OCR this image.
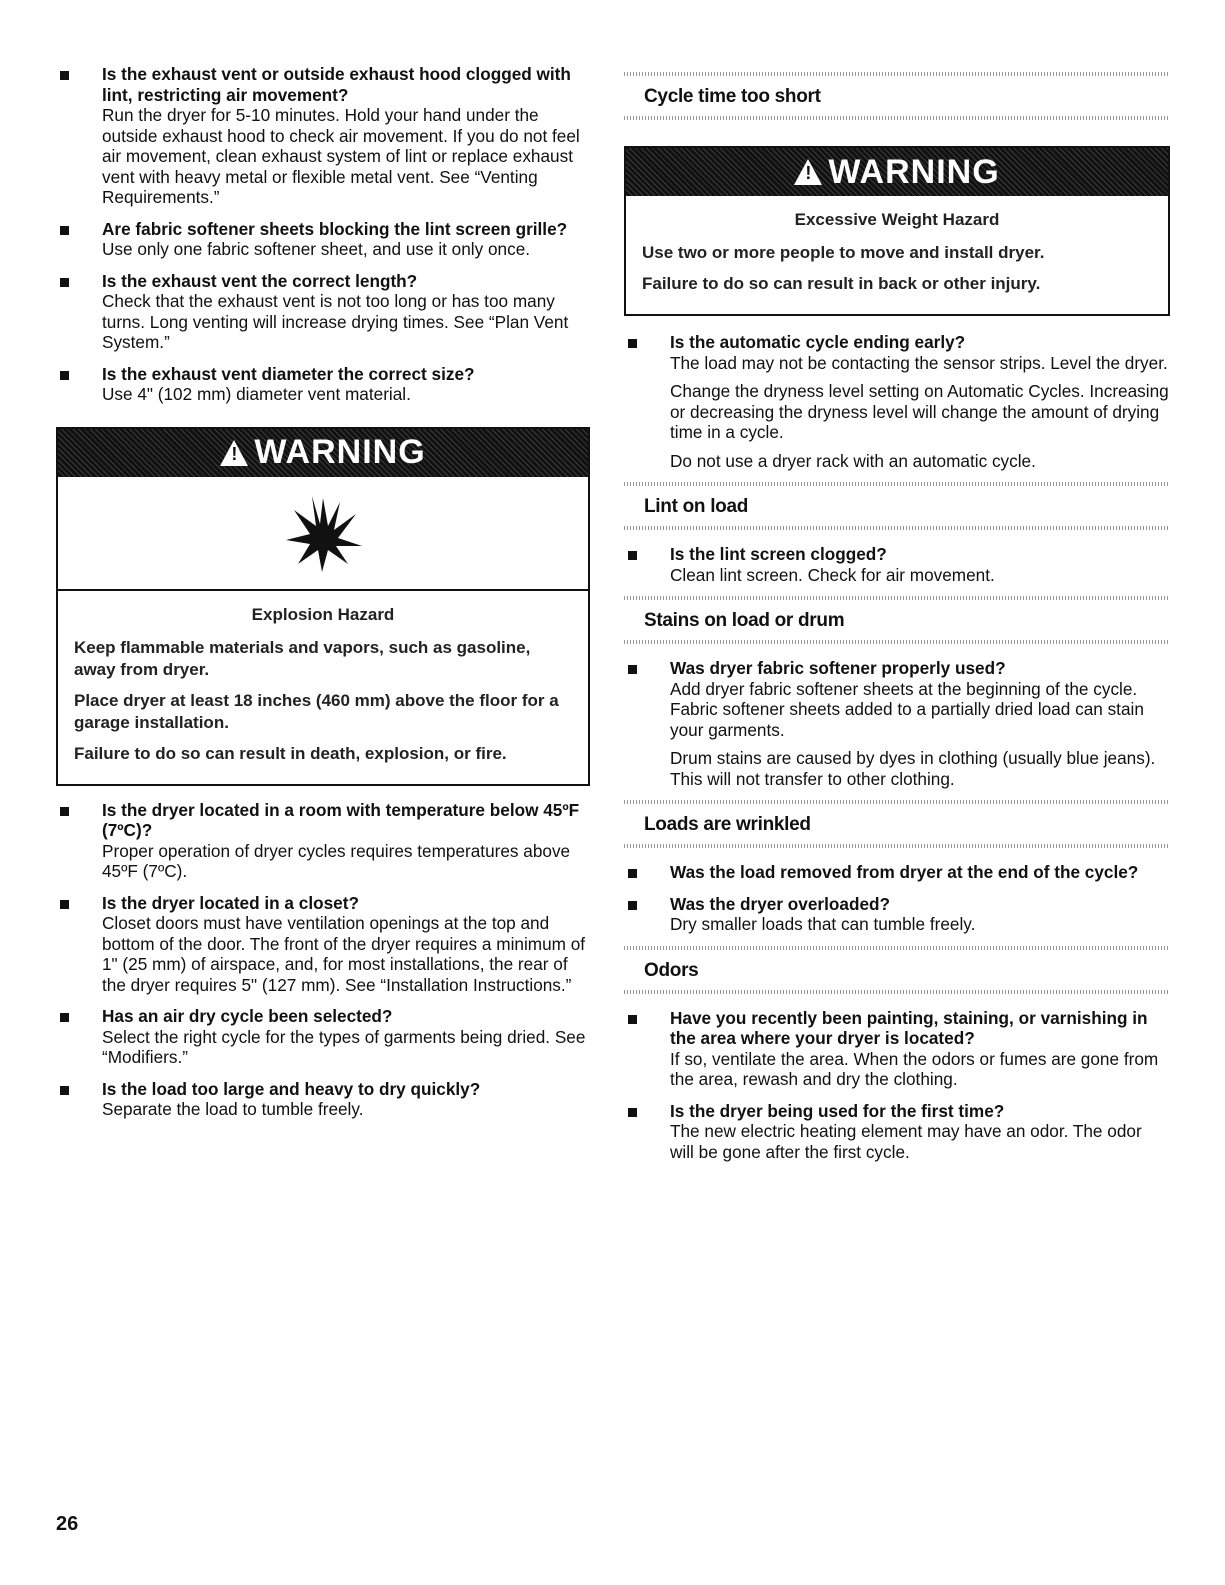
Is the exhaust vent or outside exhaust hood clogged with lint, restricting air movement?
Run the dryer for 5-10 minutes. Hold your hand under the outside exhaust hood to check air movement. If you do not feel air movement, clean exhaust system of lint or replace exhaust vent with heavy metal or flexible metal vent. See “Venting Requirements.”
Are fabric softener sheets blocking the lint screen grille?
Use only one fabric softener sheet, and use it only once.
Is the exhaust vent the correct length?
Check that the exhaust vent is not too long or has too many turns. Long venting will increase drying times. See “Plan Vent System.”
Is the exhaust vent diameter the correct size?
Use 4" (102 mm) diameter vent material.
!
WARNING
Explosion Hazard
Keep flammable materials and vapors, such as gasoline, away from dryer.
Place dryer at least 18 inches (460 mm) above the floor for a garage installation.
Failure to do so can result in death, explosion, or fire.
Is the dryer located in a room with temperature below 45ºF (7ºC)?
Proper operation of dryer cycles requires temperatures above 45ºF (7ºC).
Is the dryer located in a closet?
Closet doors must have ventilation openings at the top and bottom of the door. The front of the dryer requires a minimum of 1" (25 mm) of airspace, and, for most installations, the rear of the dryer requires 5" (127 mm). See “Installation Instructions.”
Has an air dry cycle been selected?
Select the right cycle for the types of garments being dried. See “Modifiers.”
Is the load too large and heavy to dry quickly?
Separate the load to tumble freely.
Cycle time too short
!
WARNING
Excessive Weight Hazard
Use two or more people to move and install dryer.
Failure to do so can result in back or other injury.
Is the automatic cycle ending early?
The load may not be contacting the sensor strips. Level the dryer.
Change the dryness level setting on Automatic Cycles. Increasing or decreasing the dryness level will change the amount of drying time in a cycle.
Do not use a dryer rack with an automatic cycle.
Lint on load
Is the lint screen clogged?
Clean lint screen. Check for air movement.
Stains on load or drum
Was dryer fabric softener properly used?
Add dryer fabric softener sheets at the beginning of the cycle. Fabric softener sheets added to a partially dried load can stain your garments.
Drum stains are caused by dyes in clothing (usually blue jeans). This will not transfer to other clothing.
Loads are wrinkled
Was the load removed from dryer at the end of the cycle?
Was the dryer overloaded?
Dry smaller loads that can tumble freely.
Odors
Have you recently been painting, staining, or varnishing in the area where your dryer is located?
If so, ventilate the area. When the odors or fumes are gone from the area, rewash and dry the clothing.
Is the dryer being used for the first time?
The new electric heating element may have an odor. The odor will be gone after the first cycle.
26
